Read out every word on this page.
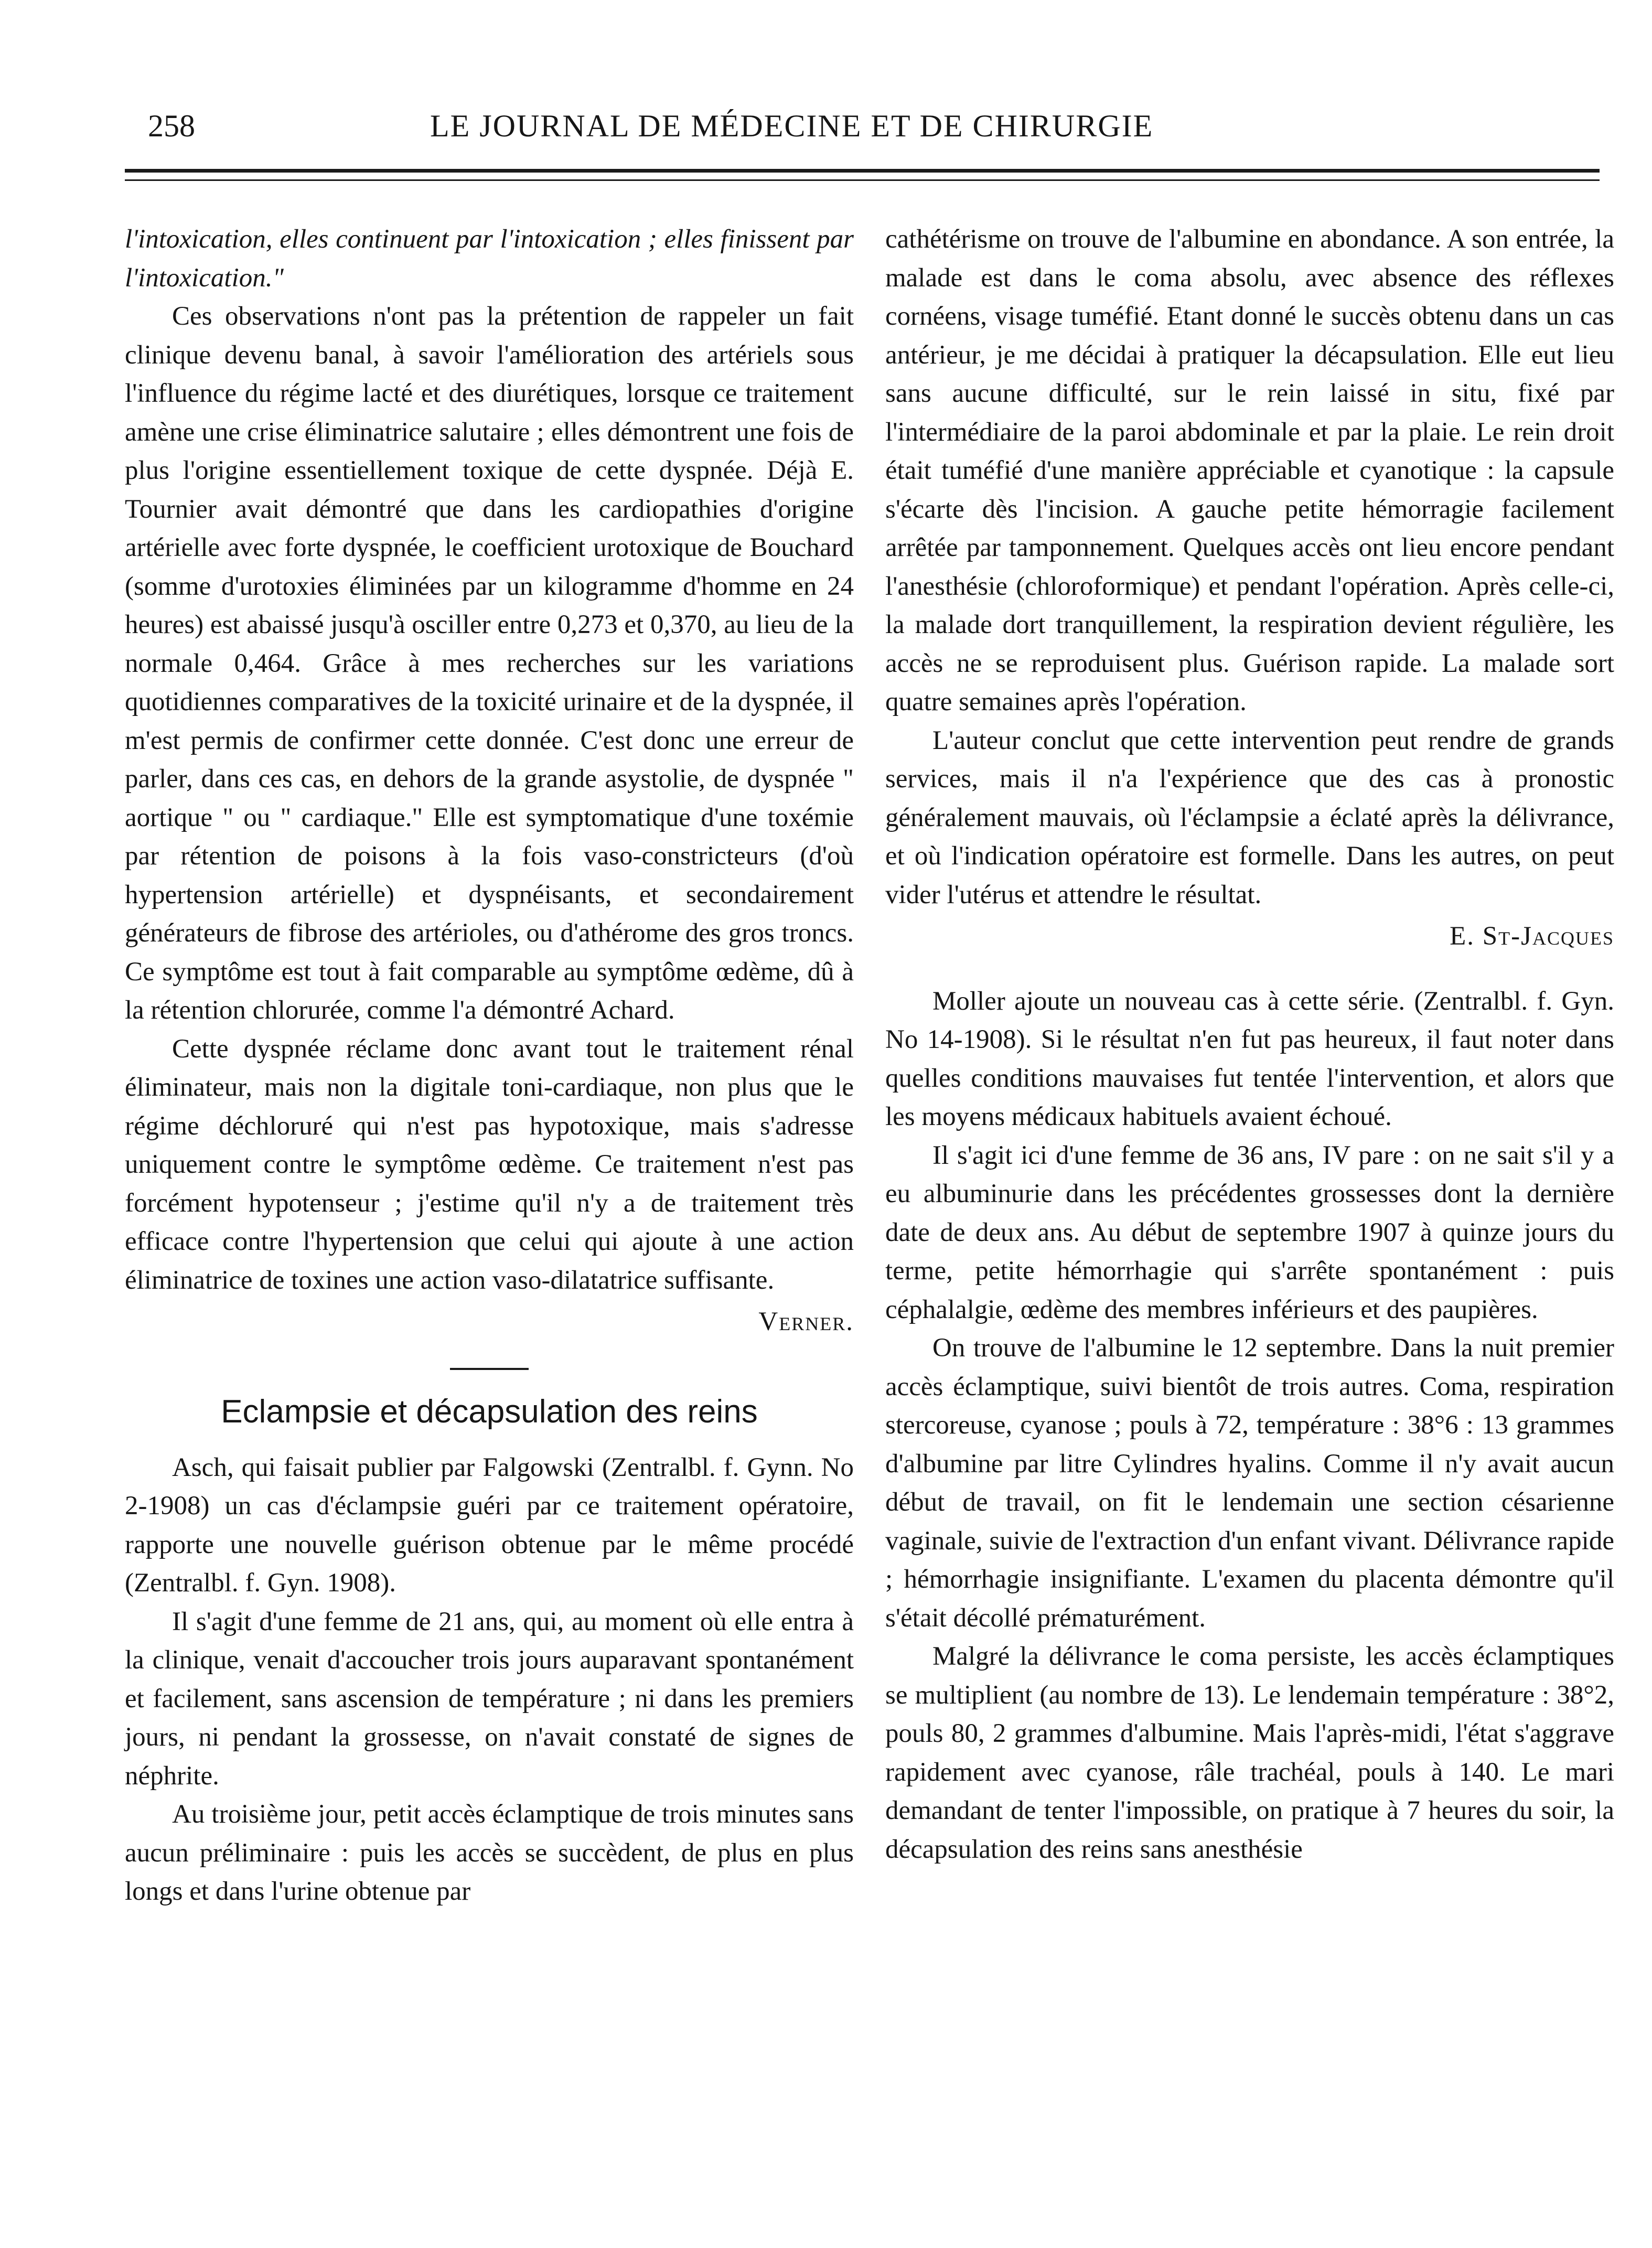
258	LE JOURNAL DE MÉDECINE ET DE CHIRURGIE

l'intoxication, elles continuent par l'intoxication ; elles finissent par l'intoxication."

Ces observations n'ont pas la prétention de rappeler un fait clinique devenu banal, à savoir l'amélioration des artériels sous l'influence du régime lacté et des diurétiques, lorsque ce traitement amène une crise éliminatrice salutaire ; elles démontrent une fois de plus l'origine essentiellement toxique de cette dyspnée. Déjà E. Tournier avait démontré que dans les cardiopathies d'origine artérielle avec forte dyspnée, le coefficient urotoxique de Bouchard (somme d'urotoxies éliminées par un kilogramme d'homme en 24 heures) est abaissé jusqu'à osciller entre 0,273 et 0,370, au lieu de la normale 0,464. Grâce à mes recherches sur les variations quotidiennes comparatives de la toxicité urinaire et de la dyspnée, il m'est permis de confirmer cette donnée. C'est donc une erreur de parler, dans ces cas, en dehors de la grande asystolie, de dyspnée " aortique " ou " cardiaque." Elle est symptomatique d'une toxémie par rétention de poisons à la fois vaso-constricteurs (d'où hypertension artérielle) et dyspnéisants, et secondairement générateurs de fibrose des artérioles, ou d'athérome des gros troncs. Ce symptôme est tout à fait comparable au symptôme œdème, dû à la rétention chlorurée, comme l'a démontré Achard.

Cette dyspnée réclame donc avant tout le traitement rénal éliminateur, mais non la digitale toni-cardiaque, non plus que le régime déchloruré qui n'est pas hypotoxique, mais s'adresse uniquement contre le symptôme œdème. Ce traitement n'est pas forcément hypotenseur ; j'estime qu'il n'y a de traitement très efficace contre l'hypertension que celui qui ajoute à une action éliminatrice de toxines une action vaso-dilatatrice suffisante.

Verner.
Eclampsie et décapsulation des reins

Asch, qui faisait publier par Falgowski (Zentralbl. f. Gynn. No 2-1908) un cas d'éclampsie guéri par ce traitement opératoire, rapporte une nouvelle guérison obtenue par le même procédé (Zentralbl. f. Gyn. 1908).

Il s'agit d'une femme de 21 ans, qui, au moment où elle entra à la clinique, venait d'accoucher trois jours auparavant spontanément et facilement, sans ascension de température ; ni dans les premiers jours, ni pendant la grossesse, on n'avait constaté de signes de néphrite.

Au troisième jour, petit accès éclamptique de trois minutes sans aucun préliminaire : puis les accès se succèdent, de plus en plus longs et dans l'urine obtenue par

cathétérisme on trouve de l'albumine en abondance. A son entrée, la malade est dans le coma absolu, avec absence des réflexes cornéens, visage tuméfié. Etant donné le succès obtenu dans un cas antérieur, je me décidai à pratiquer la décapsulation. Elle eut lieu sans aucune difficulté, sur le rein laissé in situ, fixé par l'intermédiaire de la paroi abdominale et par la plaie. Le rein droit était tuméfié d'une manière appréciable et cyanotique : la capsule s'écarte dès l'incision. A gauche petite hémorragie facilement arrêtée par tamponnement. Quelques accès ont lieu encore pendant l'anesthésie (chloroformique) et pendant l'opération. Après celle-ci, la malade dort tranquillement, la respiration devient régulière, les accès ne se reproduisent plus. Guérison rapide. La malade sort quatre semaines après l'opération.

L'auteur conclut que cette intervention peut rendre de grands services, mais il n'a l'expérience que des cas à pronostic généralement mauvais, où l'éclampsie a éclaté après la délivrance, et où l'indication opératoire est formelle. Dans les autres, on peut vider l'utérus et attendre le résultat.

E. St-Jacques

Moller ajoute un nouveau cas à cette série. (Zentralbl. f. Gyn. No 14-1908). Si le résultat n'en fut pas heureux, il faut noter dans quelles conditions mauvaises fut tentée l'intervention, et alors que les moyens médicaux habituels avaient échoué.

Il s'agit ici d'une femme de 36 ans, IV pare : on ne sait s'il y a eu albuminurie dans les précédentes grossesses dont la dernière date de deux ans. Au début de septembre 1907 à quinze jours du terme, petite hémorrhagie qui s'arrête spontanément : puis céphalalgie, œdème des membres inférieurs et des paupières.

On trouve de l'albumine le 12 septembre. Dans la nuit premier accès éclamptique, suivi bientôt de trois autres. Coma, respiration stercoreuse, cyanose ; pouls à 72, température : 38°6 : 13 grammes d'albumine par litre Cylindres hyalins. Comme il n'y avait aucun début de travail, on fit le lendemain une section césarienne vaginale, suivie de l'extraction d'un enfant vivant. Délivrance rapide ; hémorrhagie insignifiante. L'examen du placenta démontre qu'il s'était décollé prématurément.

Malgré la délivrance le coma persiste, les accès éclamptiques se multiplient (au nombre de 13). Le lendemain température : 38°2, pouls 80, 2 grammes d'albumine. Mais l'après-midi, l'état s'aggrave rapidement avec cyanose, râle trachéal, pouls à 140. Le mari demandant de tenter l'impossible, on pratique à 7 heures du soir, la décapsulation des reins sans anesthésie
